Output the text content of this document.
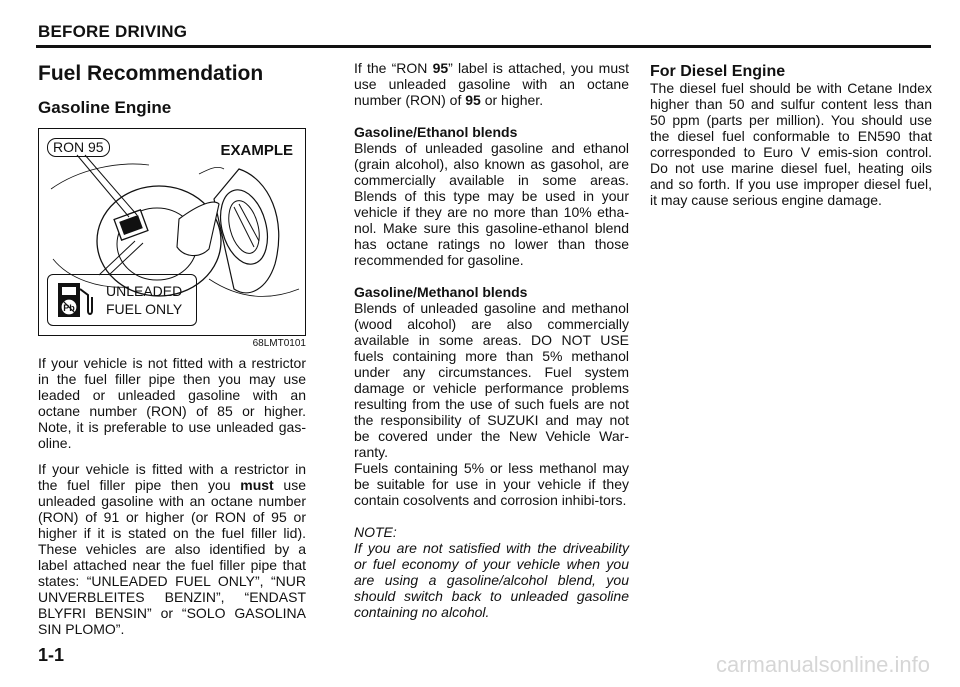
BEFORE DRIVING
Fuel Recommendation
Gasoline Engine
RON 95	EXAMPLE
Pb
UNLEADED
FUEL ONLY
68LMT0101

If your vehicle is not fitted with a restrictor in the fuel filler pipe then you may use leaded or unleaded gasoline with an octane number (RON) of 85 or higher. Note, it is preferable to use unleaded gas-oline.

If your vehicle is fitted with a restrictor in the fuel filler pipe then you must use unleaded gasoline with an octane number (RON) of 91 or higher (or RON of 95 or higher if it is stated on the fuel filler lid). These vehicles are also identified by a label attached near the fuel filler pipe that states: “UNLEADED FUEL ONLY”, “NUR UNVERBLEITES BENZIN”, “ENDAST BLYFRI BENSIN” or “SOLO GASOLINA SIN PLOMO”.

If the “RON 95” label is attached, you must use unleaded gasoline with an octane number (RON) of 95 or higher.

Gasoline/Ethanol blends

Blends of unleaded gasoline and ethanol (grain alcohol), also known as gasohol, are commercially available in some areas. Blends of this type may be used in your vehicle if they are no more than 10% etha-nol. Make sure this gasoline-ethanol blend has octane ratings no lower than those recommended for gasoline.

Gasoline/Methanol blends

Blends of unleaded gasoline and methanol (wood alcohol) are also commercially available in some areas. DO NOT USE fuels containing more than 5% methanol under any circumstances. Fuel system damage or vehicle performance problems resulting from the use of such fuels are not the responsibility of SUZUKI and may not be covered under the New Vehicle War-ranty.

Fuels containing 5% or less methanol may be suitable for use in your vehicle if they contain cosolvents and corrosion inhibi-tors.

NOTE:

If you are not satisfied with the driveability or fuel economy of your vehicle when you are using a gasoline/alcohol blend, you should switch back to unleaded gasoline containing no alcohol.

For Diesel Engine

The diesel fuel should be with Cetane Index higher than 50 and sulfur content less than 50 ppm (parts per million). You should use the diesel fuel conformable to EN590 that corresponded to Euro V emis-sion control. Do not use marine diesel fuel, heating oils and so forth. If you use improper diesel fuel, it may cause serious engine damage.

1-1	carmanualsonline.info
